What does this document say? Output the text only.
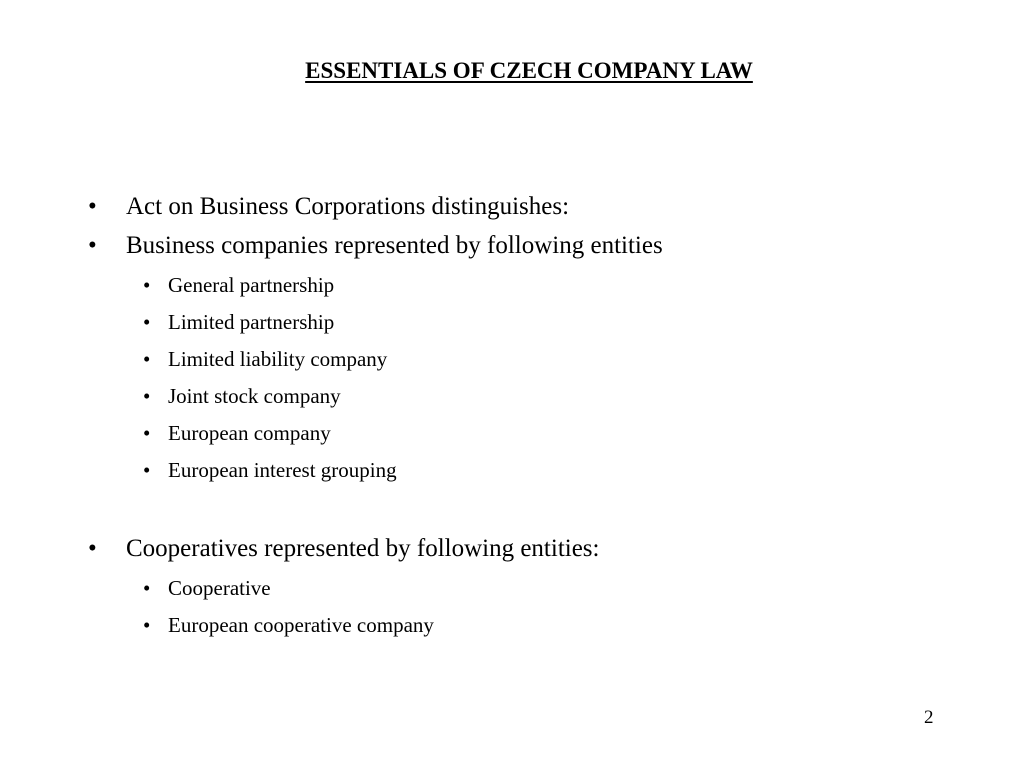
ESSENTIALS OF CZECH COMPANY LAW
• Act on Business Corporations distinguishes:
• Business companies represented by following entities
• General partnership
• Limited partnership
• Limited liability company
• Joint stock company
• European company
• European interest grouping
• Cooperatives represented by following entities:
• Cooperative
• European cooperative company
2
